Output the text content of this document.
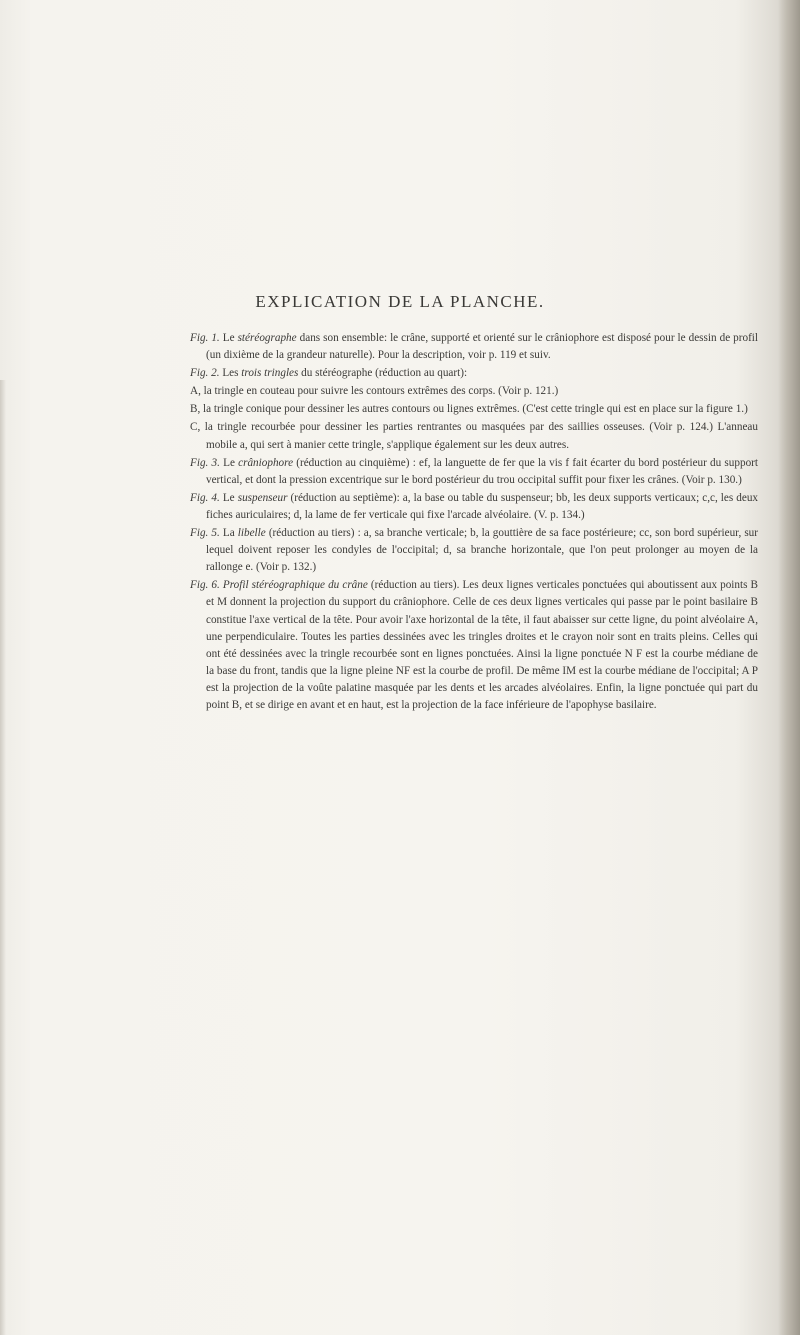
EXPLICATION DE LA PLANCHE.

Fig. 1. Le stéréographe dans son ensemble: le crâne, supporté et orienté sur le crâniophore est disposé pour le dessin de profil (un dixième de la grandeur naturelle). Pour la description, voir p. 119 et suiv.

Fig. 2. Les trois tringles du stéréographe (réduction au quart):

A, la tringle en couteau pour suivre les contours extrêmes des corps. (Voir p. 121.)

B, la tringle conique pour dessiner les autres contours ou lignes extrêmes. (C'est cette tringle qui est en place sur la figure 1.)

C, la tringle recourbée pour dessiner les parties rentrantes ou masquées par des saillies osseuses. (Voir p. 124.) L'anneau mobile a, qui sert à manier cette tringle, s'applique également sur les deux autres.

Fig. 3. Le crâniophore (réduction au cinquième) : ef, la languette de fer que la vis f fait écarter du bord postérieur du support vertical, et dont la pression excentrique sur le bord postérieur du trou occipital suffit pour fixer les crânes. (Voir p. 130.)

Fig. 4. Le suspenseur (réduction au septième): a, la base ou table du suspenseur; bb, les deux supports verticaux; c,c, les deux fiches auriculaires; d, la lame de fer verticale qui fixe l'arcade alvéolaire. (V. p. 134.)

Fig. 5. La libelle (réduction au tiers) : a, sa branche verticale; b, la gouttière de sa face postérieure; cc, son bord supérieur, sur lequel doivent reposer les condyles de l'occipital; d, sa branche horizontale, que l'on peut prolonger au moyen de la rallonge e. (Voir p. 132.)

Fig. 6. Profil stéréographique du crâne (réduction au tiers). Les deux lignes verticales ponctuées qui aboutissent aux points B et M donnent la projection du support du crâniophore. Celle de ces deux lignes verticales qui passe par le point basilaire B constitue l'axe vertical de la tête. Pour avoir l'axe horizontal de la tête, il faut abaisser sur cette ligne, du point alvéolaire A, une perpendiculaire. Toutes les parties dessinées avec les tringles droites et le crayon noir sont en traits pleins. Celles qui ont été dessinées avec la tringle recourbée sont en lignes ponctuées. Ainsi la ligne ponctuée N F est la courbe médiane de la base du front, tandis que la ligne pleine NF est la courbe de profil. De même IM est la courbe médiane de l'occipital; A P est la projection de la voûte palatine masquée par les dents et les arcades alvéolaires. Enfin, la ligne ponctuée qui part du point B, et se dirige en avant et en haut, est la projection de la face inférieure de l'apophyse basilaire.
